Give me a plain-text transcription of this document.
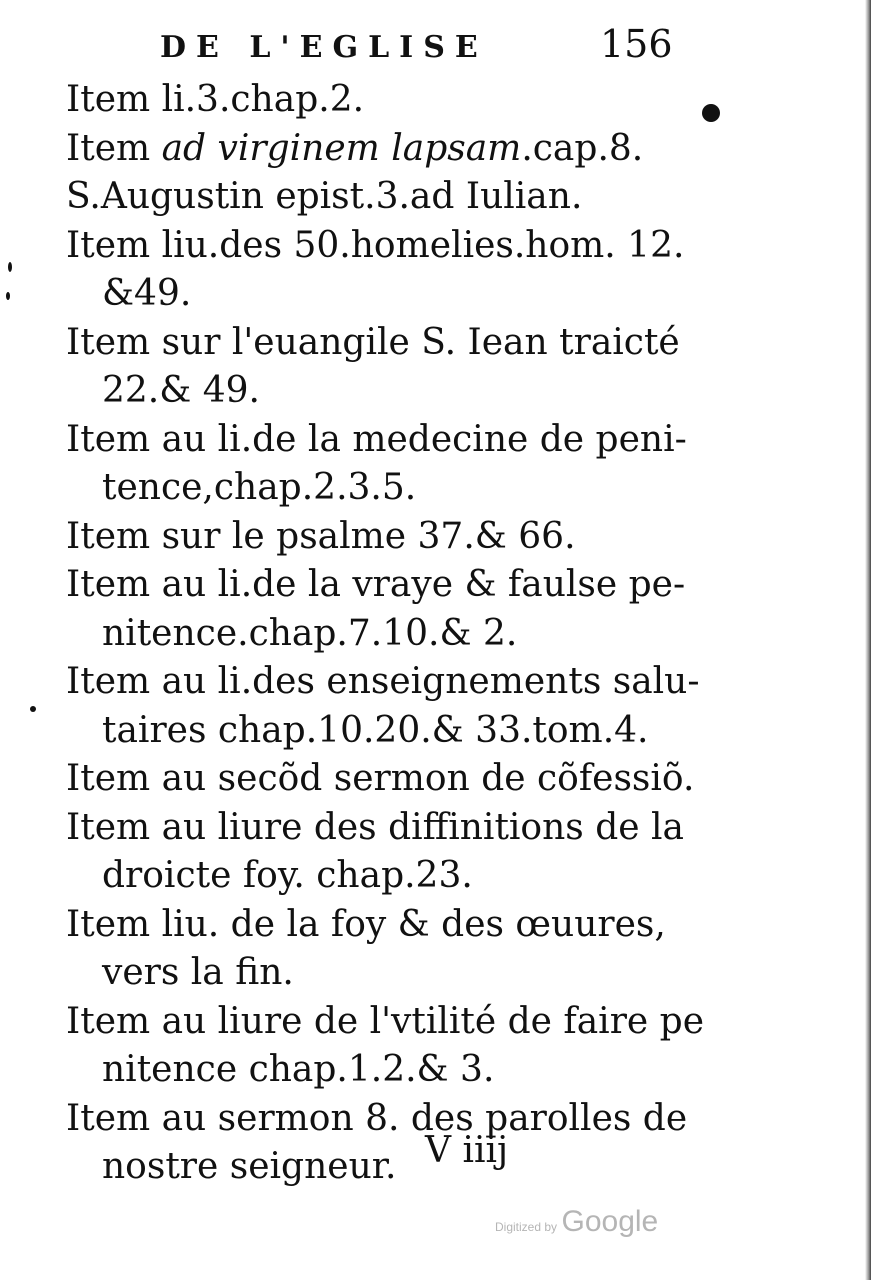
DE L'EGLISE	156
Item li.3.chap.2.
Item ad virginem lapsam.cap.8.
S.Augustin epist.3.ad Iulian.
Item liu.des 50.homelies.hom. 12.
&49.
Item sur l'euangile S. Iean traicté
22.& 49.
Item au li.de la medecine de peni-
tence,chap.2.3.5.
Item sur le psalme 37.& 66.
Item au li.de la vraye & faulse pe-
nitence.chap.7.10.& 2.
Item au li.des enseignements salu-
taires chap.10.20.& 33.tom.4.
Item au secõd sermon de cõfessiõ.
Item au liure des diffinitions de la
droicte foy. chap.23.
Item liu. de la foy & des œuures,
vers la fin.
Item au liure de l'vtilité de faire pe
nitence chap.1.2.& 3.
Item au sermon 8. des parolles de
nostre seigneur. V iiij
Digitized by Google
